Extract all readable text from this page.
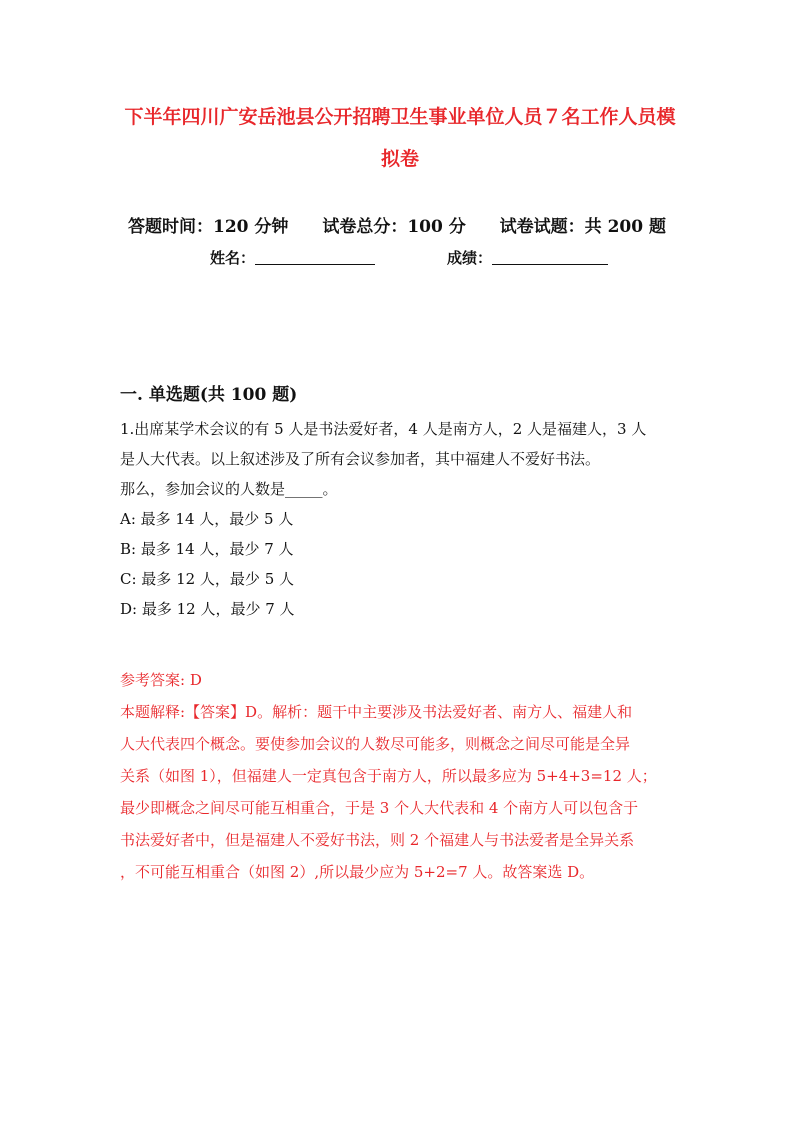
下半年四川广安岳池县公开招聘卫生事业单位人员７名工作人员模
拟卷
答题时间：120 分钟 试卷总分：100 分 试卷试题：共 200 题
姓名：	成绩：
一. 单选题(共 100 题)

1.出席某学术会议的有 5 人是书法爱好者，4 人是南方人，2 人是福建人，3 人

是人大代表。以上叙述涉及了所有会议参加者，其中福建人不爱好书法。

那么，参加会议的人数是_____。

A: 最多 14 人，最少 5 人

B: 最多 14 人，最少 7 人

C: 最多 12 人，最少 5 人

D: 最多 12 人，最少 7 人

参考答案: D

本题解释:【答案】D。解析：题干中主要涉及书法爱好者、南方人、福建人和

人大代表四个概念。要使参加会议的人数尽可能多，则概念之间尽可能是全异

关系（如图 1），但福建人一定真包含于南方人，所以最多应为 5+4+3=12 人；

最少即概念之间尽可能互相重合，于是 3 个人大代表和 4 个南方人可以包含于

书法爱好者中，但是福建人不爱好书法，则 2 个福建人与书法爱者是全异关系

，不可能互相重合（如图 2）,所以最少应为 5+2=7 人。故答案选 D。
